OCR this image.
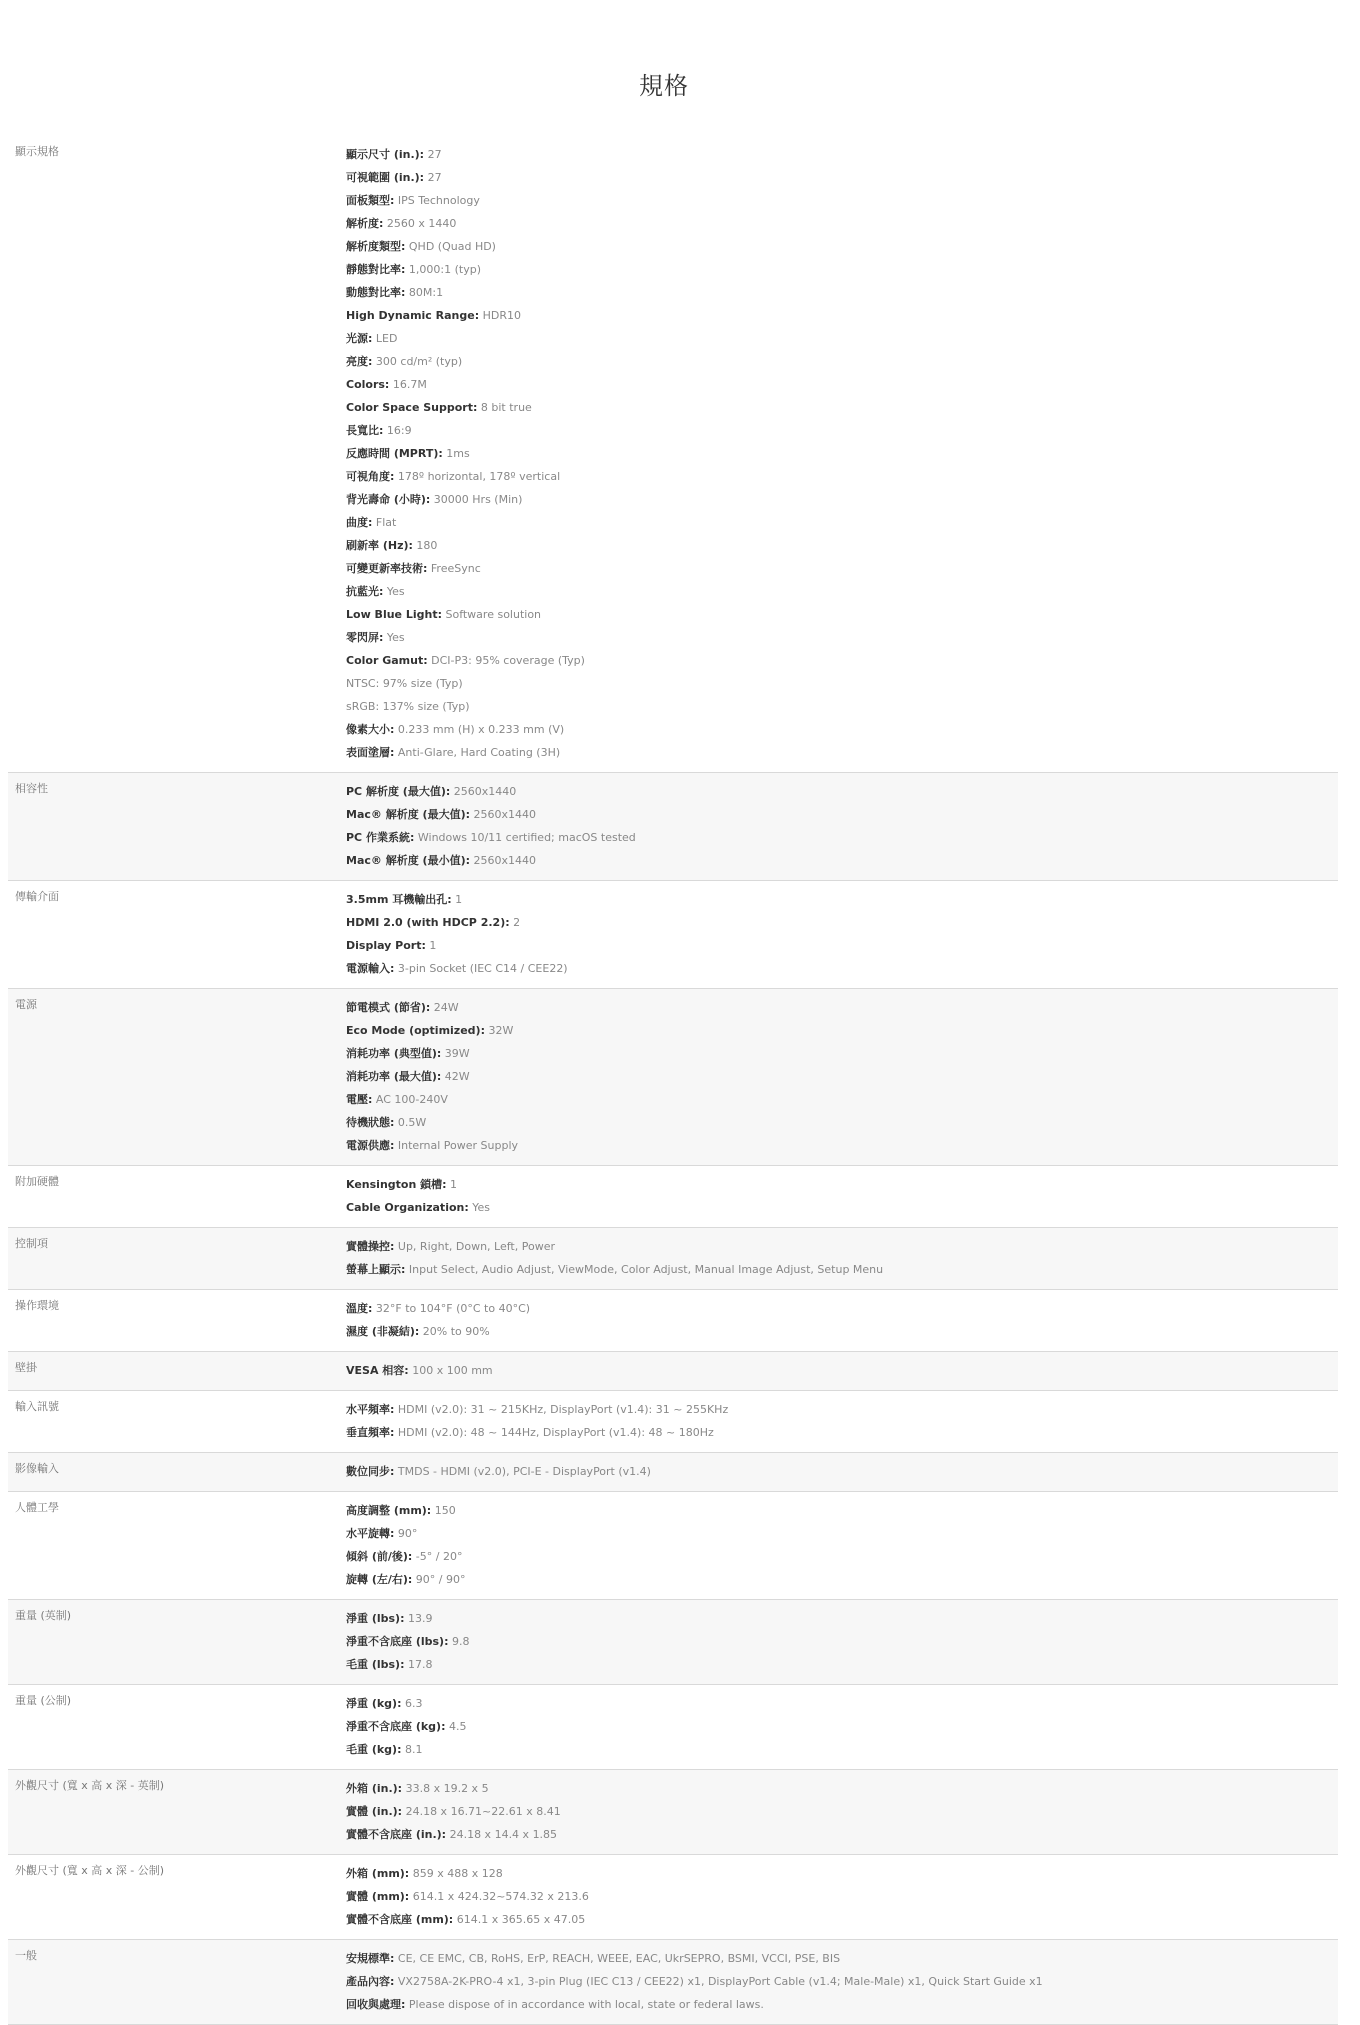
規格
顯示規格	顯示尺寸 (in.): 27
可視範圍 (in.): 27
面板類型: IPS Technology
解析度: 2560 x 1440
解析度類型: QHD (Quad HD)
靜態對比率: 1,000:1 (typ)
動態對比率: 80M:1
High Dynamic Range: HDR10
光源: LED
亮度: 300 cd/m² (typ)
Colors: 16.7M
Color Space Support: 8 bit true
長寬比: 16:9
反應時間 (MPRT): 1ms
可視角度: 178º horizontal, 178º vertical
背光壽命 (小時): 30000 Hrs (Min)
曲度: Flat
刷新率 (Hz): 180
可變更新率技術: FreeSync
抗藍光: Yes
Low Blue Light: Software solution
零閃屏: Yes
Color Gamut: DCI-P3: 95% coverage (Typ)
NTSC: 97% size (Typ)
sRGB: 137% size (Typ)
像素大小: 0.233 mm (H) x 0.233 mm (V)
表面塗層: Anti-Glare, Hard Coating (3H)
相容性	PC 解析度 (最大值): 2560x1440
Mac® 解析度 (最大值): 2560x1440
PC 作業系統: Windows 10/11 certified; macOS tested
Mac® 解析度 (最小值): 2560x1440
傳輸介面	3.5mm 耳機輸出孔: 1
HDMI 2.0 (with HDCP 2.2): 2
Display Port: 1
電源輸入: 3-pin Socket (IEC C14 / CEE22)
電源	節電模式 (節省): 24W
Eco Mode (optimized): 32W
消耗功率 (典型值): 39W
消耗功率 (最大值): 42W
電壓: AC 100-240V
待機狀態: 0.5W
電源供應: Internal Power Supply
附加硬體	Kensington 鎖槽: 1
Cable Organization: Yes
控制項	實體操控: Up, Right, Down, Left, Power
螢幕上顯示: Input Select, Audio Adjust, ViewMode, Color Adjust, Manual Image Adjust, Setup Menu
操作環境	溫度: 32°F to 104°F (0°C to 40°C)
濕度 (非凝結): 20% to 90%
壁掛	VESA 相容: 100 x 100 mm
輸入訊號	水平頻率: HDMI (v2.0): 31 ~ 215KHz, DisplayPort (v1.4): 31 ~ 255KHz
垂直頻率: HDMI (v2.0): 48 ~ 144Hz, DisplayPort (v1.4): 48 ~ 180Hz
影像輸入	數位同步: TMDS - HDMI (v2.0), PCI-E - DisplayPort (v1.4)
人體工學	高度調整 (mm): 150
水平旋轉: 90°
傾斜 (前/後): -5° / 20°
旋轉 (左/右): 90° / 90°
重量 (英制)	淨重 (lbs): 13.9
淨重不含底座 (lbs): 9.8
毛重 (lbs): 17.8
重量 (公制)	淨重 (kg): 6.3
淨重不含底座 (kg): 4.5
毛重 (kg): 8.1
外觀尺寸 (寬 x 高 x 深 - 英制)	外箱 (in.): 33.8 x 19.2 x 5
實體 (in.): 24.18 x 16.71~22.61 x 8.41
實體不含底座 (in.): 24.18 x 14.4 x 1.85
外觀尺寸 (寬 x 高 x 深 - 公制)	外箱 (mm): 859 x 488 x 128
實體 (mm): 614.1 x 424.32~574.32 x 213.6
實體不含底座 (mm): 614.1 x 365.65 x 47.05
一般	安規標準: CE, CE EMC, CB, RoHS, ErP, REACH, WEEE, EAC, UkrSEPRO, BSMI, VCCI, PSE, BIS
產品內容: VX2758A-2K-PRO-4 x1, 3-pin Plug (IEC C13 / CEE22) x1, DisplayPort Cable (v1.4; Male-Male) x1, Quick Start Guide x1
回收與處理: Please dispose of in accordance with local, state or federal laws.
